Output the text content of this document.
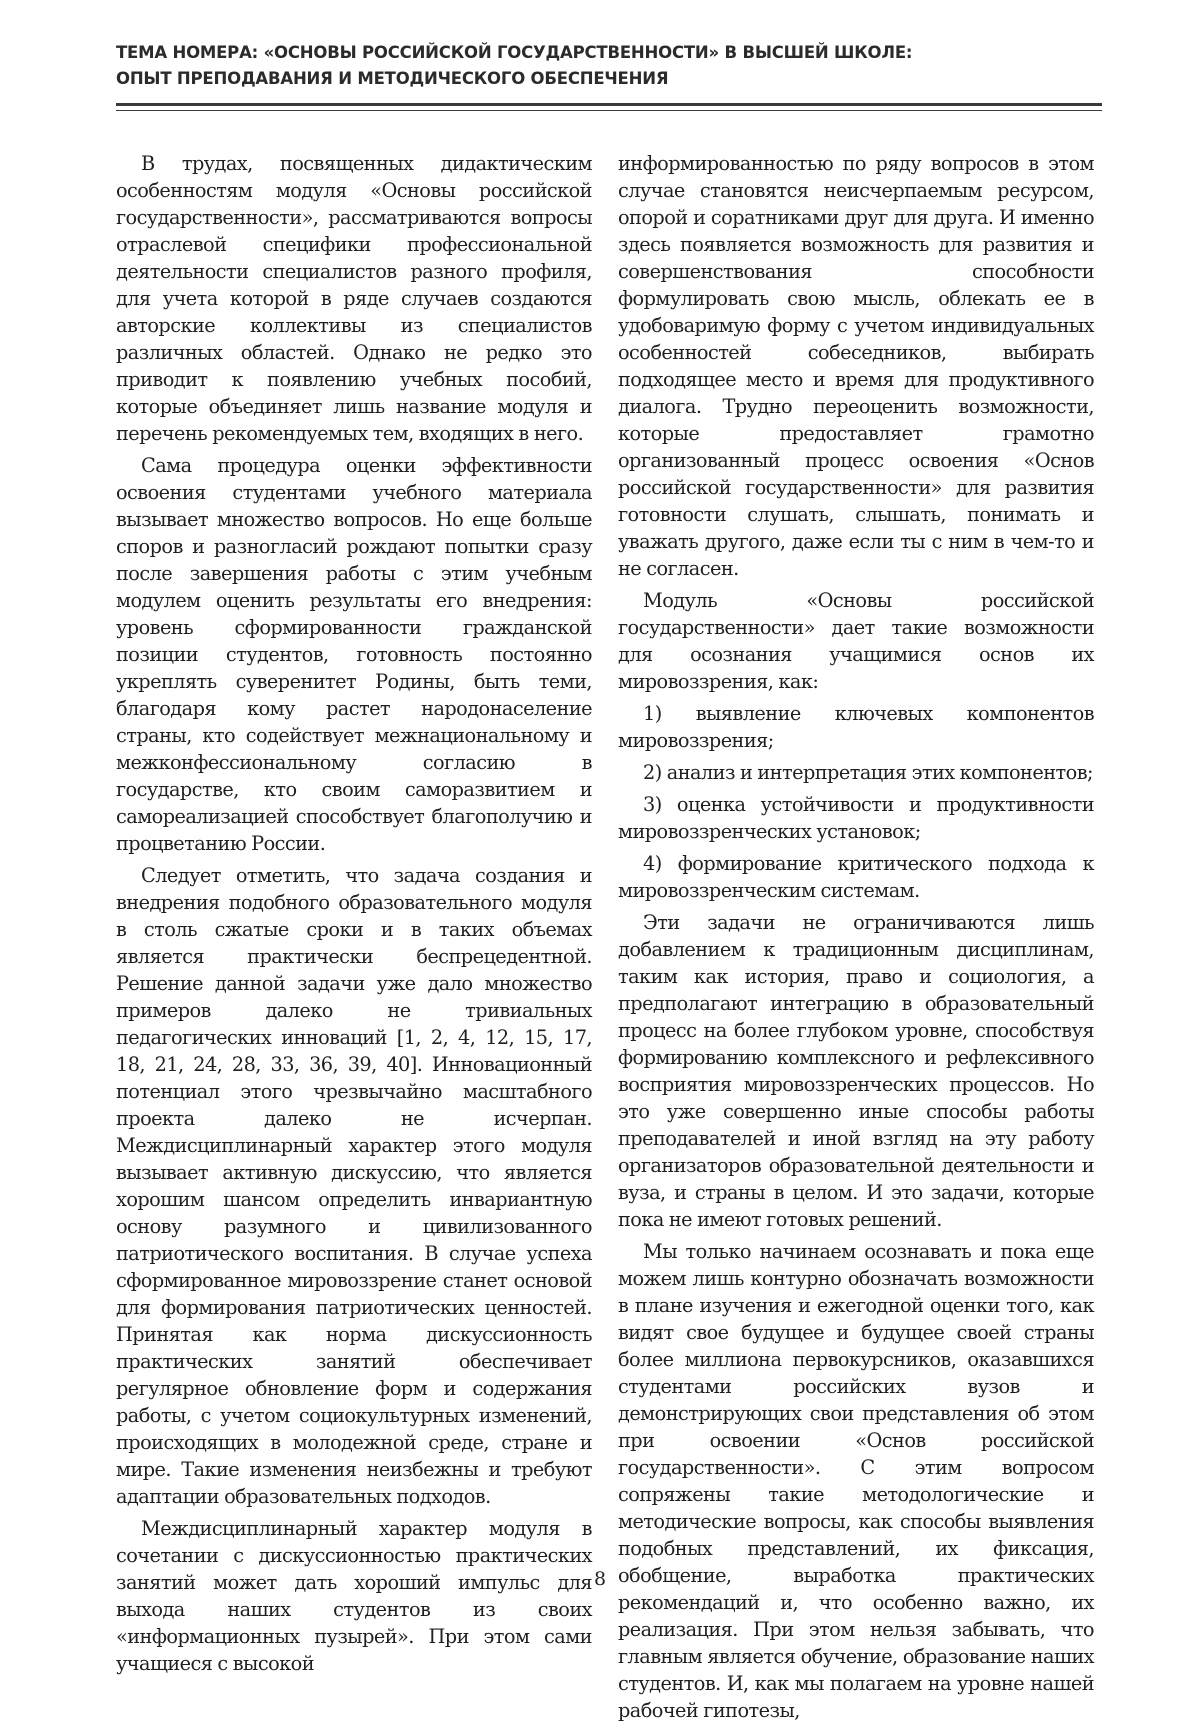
ТЕМА НОМЕРА: «ОСНОВЫ РОССИЙСКОЙ ГОСУДАРСТВЕННОСТИ» В ВЫСШЕЙ ШКОЛЕ:
ОПЫТ ПРЕПОДАВАНИЯ И МЕТОДИЧЕСКОГО ОБЕСПЕЧЕНИЯ

В трудах, посвященных дидактическим особенностям модуля «Основы российской государственности», рассматриваются вопросы отраслевой специфики профессиональной деятельности специалистов разного профиля, для учета которой в ряде случаев создаются авторские коллективы из специалистов различных областей. Однако не редко это приводит к появлению учебных пособий, которые объединяет лишь название модуля и перечень рекомендуемых тем, входящих в него.

Сама процедура оценки эффективности освоения студентами учебного материала вызывает множество вопросов. Но еще больше споров и разногласий рождают попытки сразу после завершения работы с этим учебным модулем оценить результаты его внедрения: уровень сформированности гражданской позиции студентов, готовность постоянно укреплять суверенитет Родины, быть теми, благодаря кому растет народонаселение страны, кто содействует межнациональному и межконфессиональному согласию в государстве, кто своим саморазвитием и самореализацией способствует благополучию и процветанию России.

Следует отметить, что задача создания и внедрения подобного образовательного модуля в столь сжатые сроки и в таких объемах является практически беспрецедентной. Решение данной задачи уже дало множество примеров далеко не тривиальных педагогических инноваций [1, 2, 4, 12, 15, 17, 18, 21, 24, 28, 33, 36, 39, 40]. Инновационный потенциал этого чрезвычайно масштабного проекта далеко не исчерпан. Междисциплинарный характер этого модуля вызывает активную дискуссию, что является хорошим шансом определить инвариантную основу разумного и цивилизованного патриотического воспитания. В случае успеха сформированное мировоззрение станет основой для формирования патриотических ценностей. Принятая как норма дискуссионность практических занятий обеспечивает регулярное обновление форм и содержания работы, с учетом социокультурных изменений, происходящих в молодежной среде, стране и мире. Такие изменения неизбежны и требуют адаптации образовательных подходов.

Междисциплинарный характер модуля в сочетании с дискуссионностью практических занятий может дать хороший импульс для выхода наших студентов из своих «информационных пузырей». При этом сами учащиеся с высокой

информированностью по ряду вопросов в этом случае становятся неисчерпаемым ресурсом, опорой и соратниками друг для друга. И именно здесь появляется возможность для развития и совершенствования способности формулировать свою мысль, облекать ее в удобоваримую форму с учетом индивидуальных особенностей собеседников, выбирать подходящее место и время для продуктивного диалога. Трудно переоценить возможности, которые предоставляет грамотно организованный процесс освоения «Основ российской государственности» для развития готовности слушать, слышать, понимать и уважать другого, даже если ты с ним в чем-то и не согласен.

Модуль «Основы российской государственности» дает такие возможности для осознания учащимися основ их мировоззрения, как:

1) выявление ключевых компонентов мировоззрения;

2) анализ и интерпретация этих компонентов;

3) оценка устойчивости и продуктивности мировоззренческих установок;

4) формирование критического подхода к мировоззренческим системам.

Эти задачи не ограничиваются лишь добавлением к традиционным дисциплинам, таким как история, право и социология, а предполагают интеграцию в образовательный процесс на более глубоком уровне, способствуя формированию комплексного и рефлексивного восприятия мировоззренческих процессов. Но это уже совершенно иные способы работы преподавателей и иной взгляд на эту работу организаторов образовательной деятельности и вуза, и страны в целом. И это задачи, которые пока не имеют готовых решений.

Мы только начинаем осознавать и пока еще можем лишь контурно обозначать возможности в плане изучения и ежегодной оценки того, как видят свое будущее и будущее своей страны более миллиона первокурсников, оказавшихся студентами российских вузов и демонстрирующих свои представления об этом при освоении «Основ российской государственности». С этим вопросом сопряжены такие методологические и методические вопросы, как способы выявления подобных представлений, их фиксация, обобщение, выработка практических рекомендаций и, что особенно важно, их реализация. При этом нельзя забывать, что главным является обучение, образование наших студентов. И, как мы полагаем на уровне нашей рабочей гипотезы,

8
